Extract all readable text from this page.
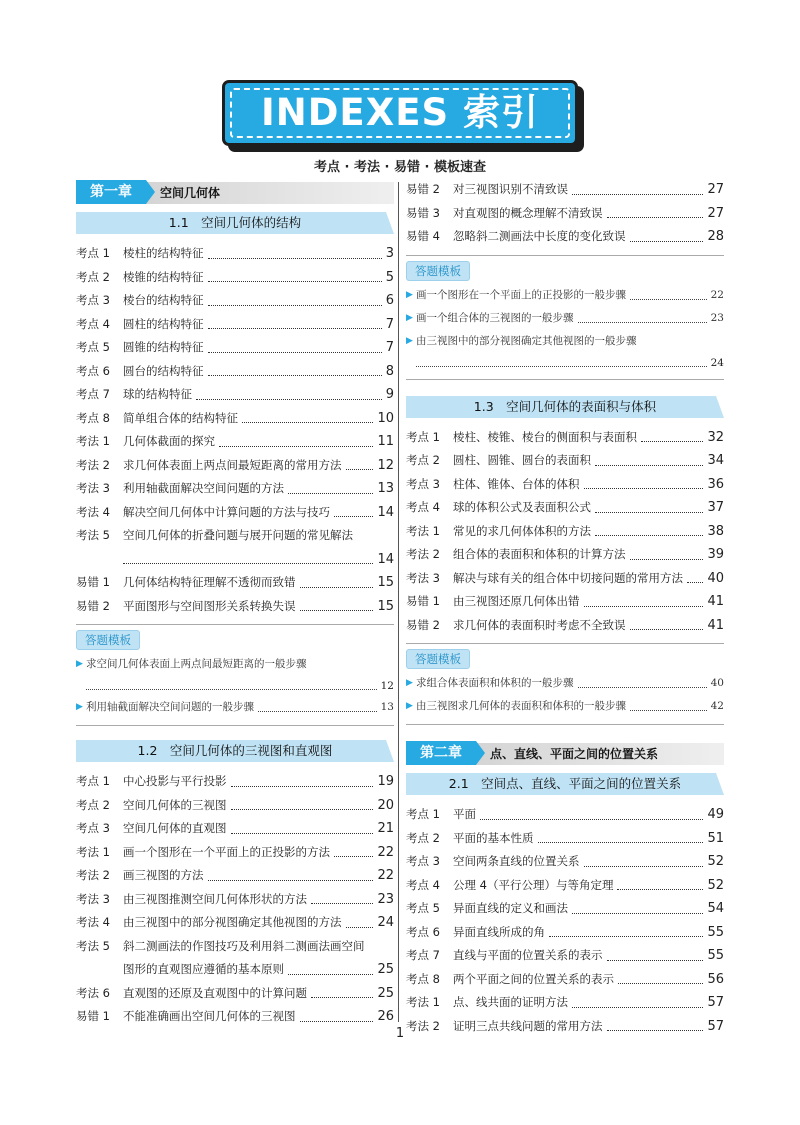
INDEXES 索引
考点 · 考法 · 易错 · 模板速查
第一章	空间几何体
1.1　空间几何体的结构
考点 1	棱柱的结构特征	3
考点 2	棱锥的结构特征	5
考点 3	棱台的结构特征	6
考点 4	圆柱的结构特征	7
考点 5	圆锥的结构特征	7
考点 6	圆台的结构特征	8
考点 7	球的结构特征	9
考点 8	简单组合体的结构特征	10
考法 1	几何体截面的探究	11
考法 2	求几何体表面上两点间最短距离的常用方法	12
考法 3	利用轴截面解决空间问题的方法	13
考法 4	解决空间几何体中计算问题的方法与技巧	14
考法 5	空间几何体的折叠问题与展开问题的常见解法
14
易错 1	几何体结构特征理解不透彻而致错	15
易错 2	平面图形与空间图形关系转换失误	15
答题模板
▶ 求空间几何体表面上两点间最短距离的一般步骤
12
▶ 利用轴截面解决空间问题的一般步骤	13
1.2　空间几何体的三视图和直观图
考点 1	中心投影与平行投影	19
考点 2	空间几何体的三视图	20
考点 3	空间几何体的直观图	21
考法 1	画一个图形在一个平面上的正投影的方法	22
考法 2	画三视图的方法	22
考法 3	由三视图推测空间几何体形状的方法	23
考法 4	由三视图中的部分视图确定其他视图的方法	24
考法 5	斜二测画法的作图技巧及利用斜二测画法画空间
图形的直观图应遵循的基本原则	25
考法 6	直观图的还原及直观图中的计算问题	25
易错 1	不能准确画出空间几何体的三视图	26
易错 2	对三视图识别不清致误	27
易错 3	对直观图的概念理解不清致误	27
易错 4	忽略斜二测画法中长度的变化致误	28
答题模板
▶ 画一个图形在一个平面上的正投影的一般步骤	22
▶ 画一个组合体的三视图的一般步骤	23
▶ 由三视图中的部分视图确定其他视图的一般步骤
24
1.3　空间几何体的表面积与体积
考点 1	棱柱、棱锥、棱台的侧面积与表面积	32
考点 2	圆柱、圆锥、圆台的表面积	34
考点 3	柱体、锥体、台体的体积	36
考点 4	球的体积公式及表面积公式	37
考法 1	常见的求几何体体积的方法	38
考法 2	组合体的表面积和体积的计算方法	39
考法 3	解决与球有关的组合体中切接问题的常用方法 40
易错 1	由三视图还原几何体出错	41
易错 2	求几何体的表面积时考虑不全致误	41
答题模板
▶ 求组合体表面积和体积的一般步骤	40
▶ 由三视图求几何体的表面积和体积的一般步骤	42
第二章	点、直线、平面之间的位置关系
2.1　空间点、直线、平面之间的位置关系
考点 1	平面	49
考点 2	平面的基本性质	51
考点 3	空间两条直线的位置关系	52
考点 4	公理 4（平行公理）与等角定理	52
考点 5	异面直线的定义和画法	54
考点 6	异面直线所成的角	55
考点 7	直线与平面的位置关系的表示	55
考点 8	两个平面之间的位置关系的表示	56
考法 1	点、线共面的证明方法	57
考法 2	证明三点共线问题的常用方法	57
1
